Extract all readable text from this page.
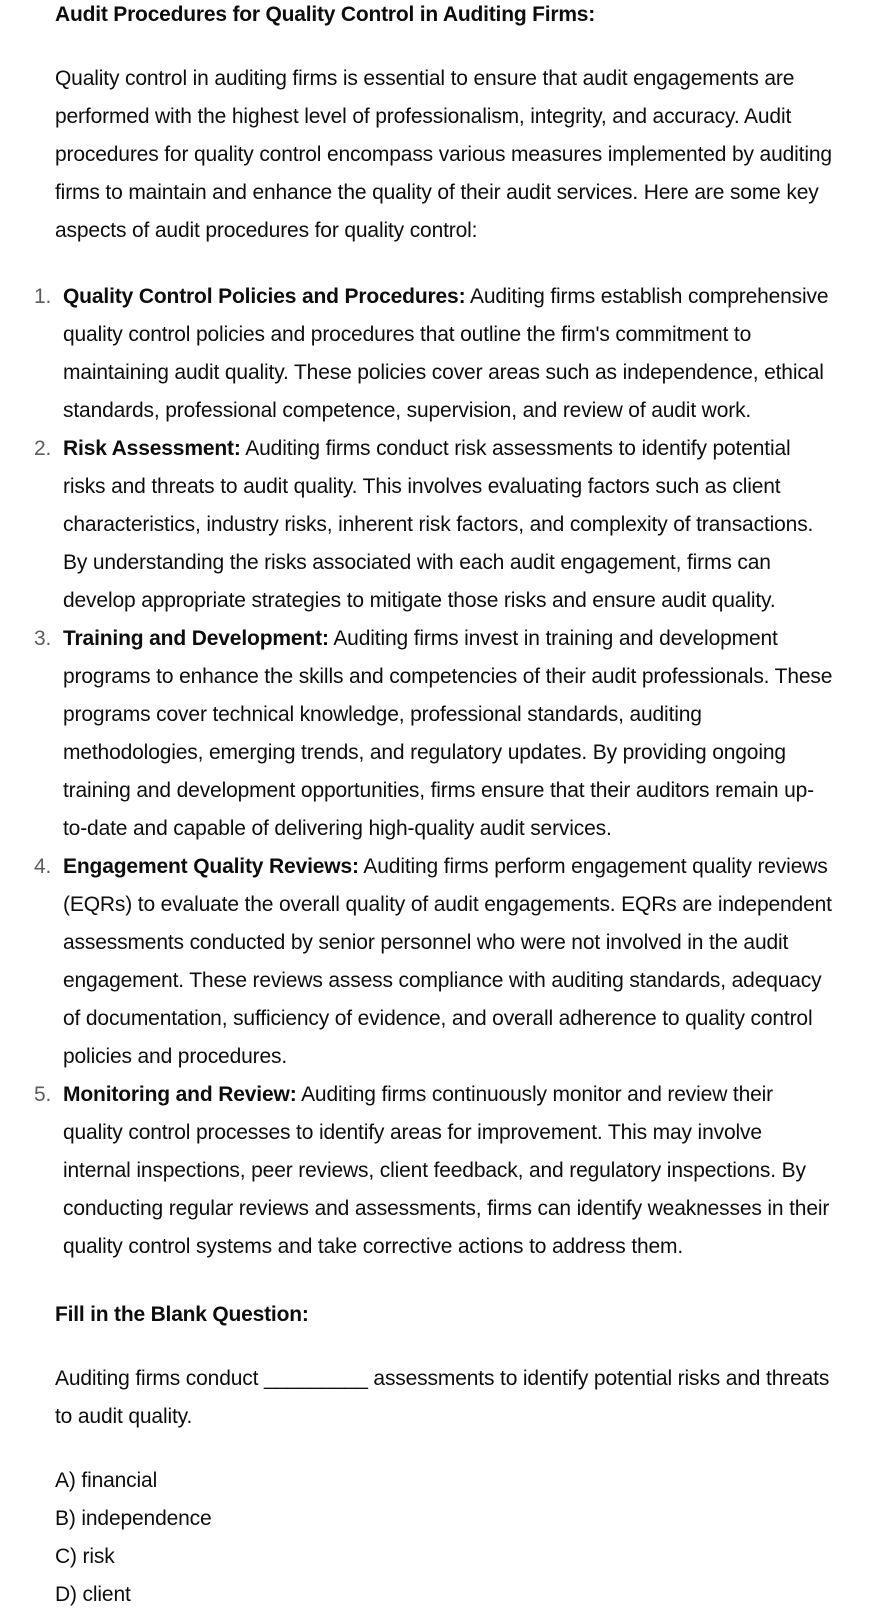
Audit Procedures for Quality Control in Auditing Firms:

Quality control in auditing firms is essential to ensure that audit engagements are performed with the highest level of professionalism, integrity, and accuracy. Audit procedures for quality control encompass various measures implemented by auditing firms to maintain and enhance the quality of their audit services. Here are some key aspects of audit procedures for quality control:

1. Quality Control Policies and Procedures: Auditing firms establish comprehensive quality control policies and procedures that outline the firm's commitment to maintaining audit quality. These policies cover areas such as independence, ethical standards, professional competence, supervision, and review of audit work.
2. Risk Assessment: Auditing firms conduct risk assessments to identify potential risks and threats to audit quality. This involves evaluating factors such as client characteristics, industry risks, inherent risk factors, and complexity of transactions. By understanding the risks associated with each audit engagement, firms can develop appropriate strategies to mitigate those risks and ensure audit quality.
3. Training and Development: Auditing firms invest in training and development programs to enhance the skills and competencies of their audit professionals. These programs cover technical knowledge, professional standards, auditing methodologies, emerging trends, and regulatory updates. By providing ongoing training and development opportunities, firms ensure that their auditors remain up-to-date and capable of delivering high-quality audit services.
4. Engagement Quality Reviews: Auditing firms perform engagement quality reviews (EQRs) to evaluate the overall quality of audit engagements. EQRs are independent assessments conducted by senior personnel who were not involved in the audit engagement. These reviews assess compliance with auditing standards, adequacy of documentation, sufficiency of evidence, and overall adherence to quality control policies and procedures.
5. Monitoring and Review: Auditing firms continuously monitor and review their quality control processes to identify areas for improvement. This may involve internal inspections, peer reviews, client feedback, and regulatory inspections. By conducting regular reviews and assessments, firms can identify weaknesses in their quality control systems and take corrective actions to address them.

Fill in the Blank Question:

Auditing firms conduct _________ assessments to identify potential risks and threats to audit quality.

A) financial
B) independence
C) risk
D) client
